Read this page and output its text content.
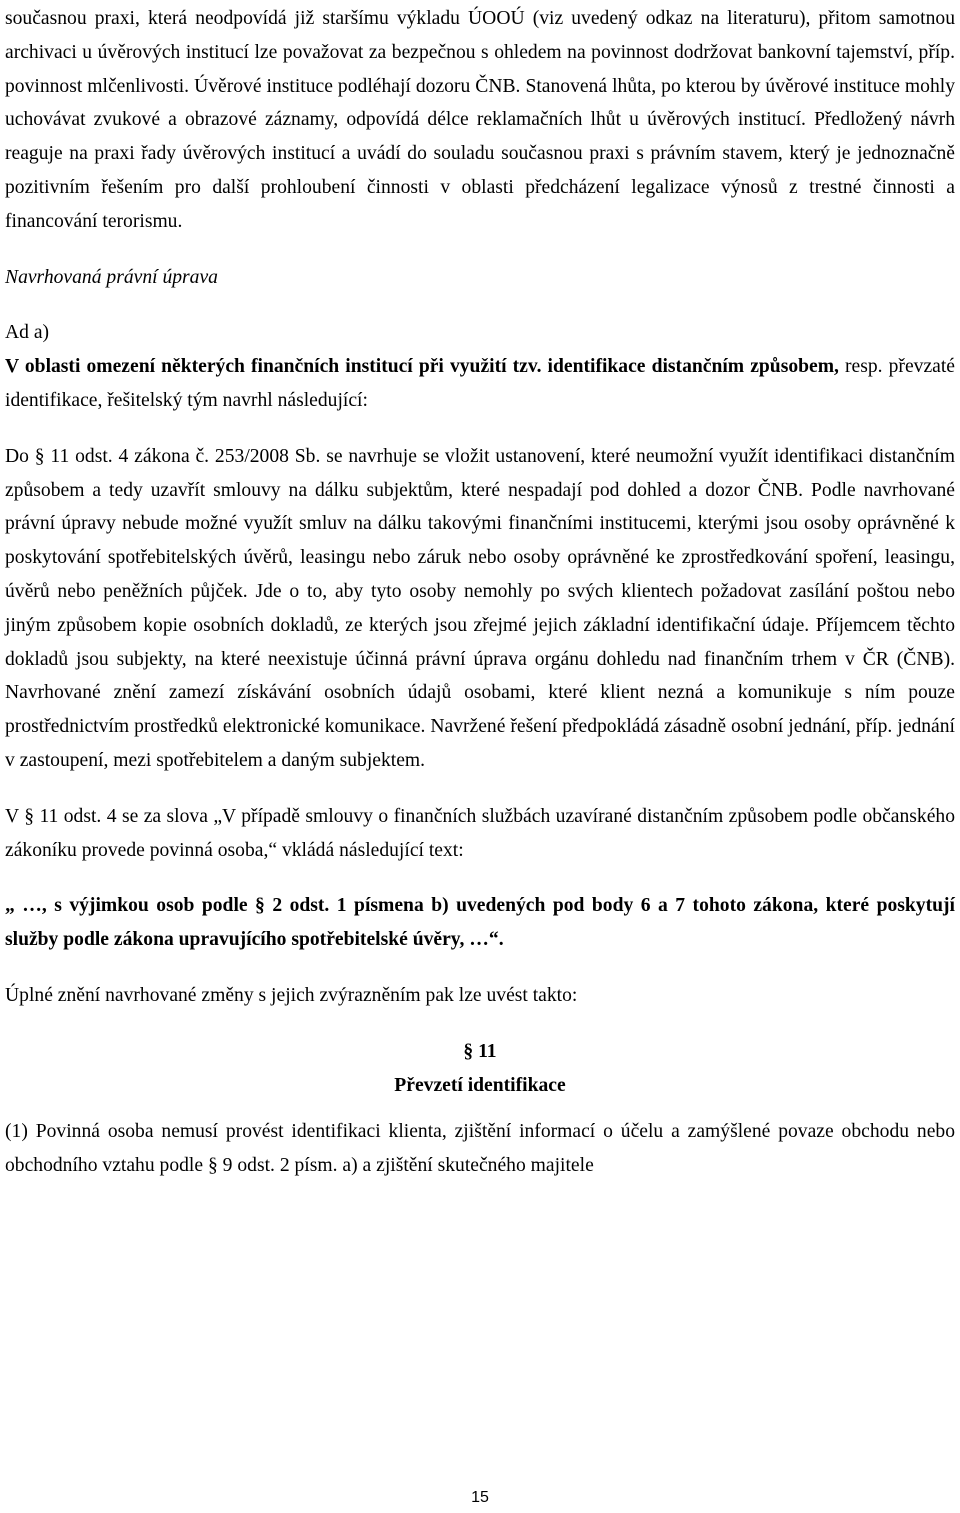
současnou praxi, která neodpovídá již staršímu výkladu ÚOOÚ (viz uvedený odkaz na literaturu), přitom samotnou archivaci u úvěrových institucí lze považovat za bezpečnou s ohledem na povinnost dodržovat bankovní tajemství, příp. povinnost mlčenlivosti. Úvěrové instituce podléhají dozoru ČNB. Stanovená lhůta, po kterou by úvěrové instituce mohly uchovávat zvukové a obrazové záznamy, odpovídá délce reklamačních lhůt u úvěrových institucí. Předložený návrh reaguje na praxi řady úvěrových institucí a uvádí do souladu současnou praxi s právním stavem, který je jednoznačně pozitivním řešením pro další prohloubení činnosti v oblasti předcházení legalizace výnosů z trestné činnosti a financování terorismu.

Navrhovaná právní úprava

Ad a)

V oblasti omezení některých finančních institucí při využití tzv. identifikace distančním způsobem, resp. převzaté identifikace, řešitelský tým navrhl následující:

Do § 11 odst. 4 zákona č. 253/2008 Sb. se navrhuje se vložit ustanovení, které neumožní využít identifikaci distančním způsobem a tedy uzavřít smlouvy na dálku subjektům, které nespadají pod dohled a dozor ČNB. Podle navrhované právní úpravy nebude možné využít smluv na dálku takovými finančními institucemi, kterými jsou osoby oprávněné k poskytování spotřebitelských úvěrů, leasingu nebo záruk nebo osoby oprávněné ke zprostředkování spoření, leasingu, úvěrů nebo peněžních půjček. Jde o to, aby tyto osoby nemohly po svých klientech požadovat zasílání poštou nebo jiným způsobem kopie osobních dokladů, ze kterých jsou zřejmé jejich základní identifikační údaje. Příjemcem těchto dokladů jsou subjekty, na které neexistuje účinná právní úprava orgánu dohledu nad finančním trhem v ČR (ČNB). Navrhované znění zamezí získávání osobních údajů osobami, které klient nezná a komunikuje s ním pouze prostřednictvím prostředků elektronické komunikace. Navržené řešení předpokládá zásadně osobní jednání, příp. jednání v zastoupení, mezi spotřebitelem a daným subjektem.

V § 11 odst. 4 se za slova „V případě smlouvy o finančních službách uzavírané distančním způsobem podle občanského zákoníku provede povinná osoba,“ vkládá následující text:

„ …, s výjimkou osob podle § 2 odst. 1 písmena b) uvedených pod body 6 a 7 tohoto zákona, které poskytují služby podle zákona upravujícího spotřebitelské úvěry, …“.

Úplné znění navrhované změny s jejich zvýrazněním pak lze uvést takto:

§ 11

Převzetí identifikace

(1) Povinná osoba nemusí provést identifikaci klienta, zjištění informací o účelu a zamýšlené povaze obchodu nebo obchodního vztahu podle § 9 odst. 2 písm. a) a zjištění skutečného majitele

15
